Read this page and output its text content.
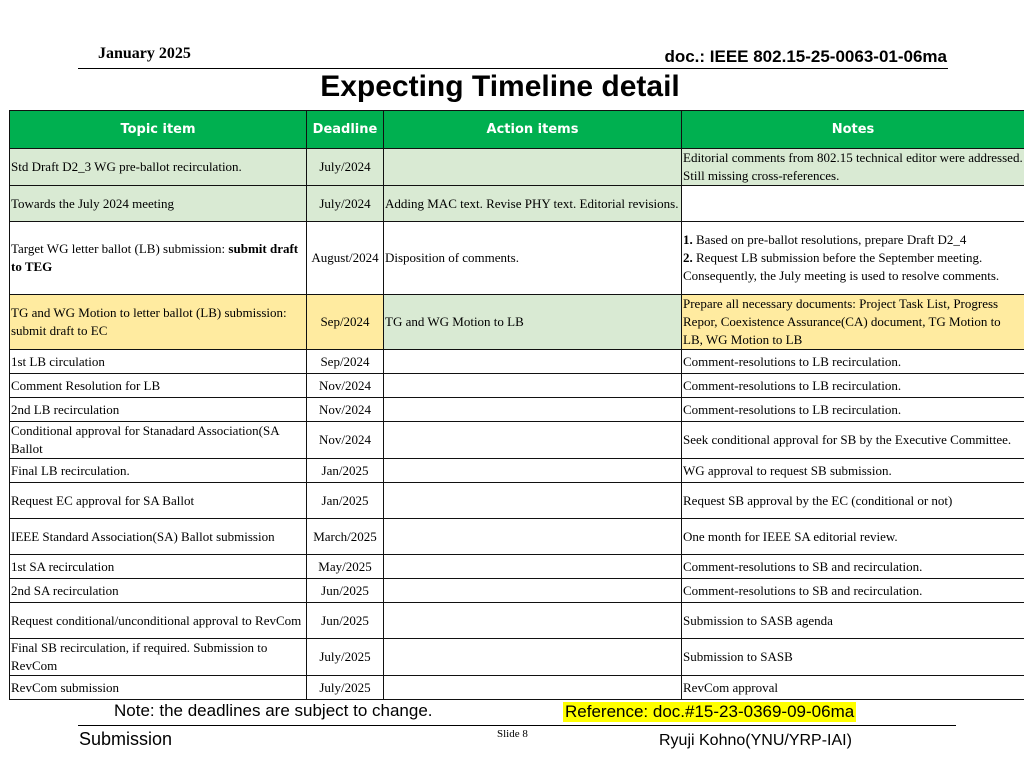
January 2025	doc.: IEEE 802.15-25-0063-01-06ma
Expecting Timeline detail
Topic item	Deadline	Action items	Notes
Std Draft D2_3 WG pre-ballot recirculation.	July/2024		Editorial comments from 802.15 technical editor were addressed. Still missing cross-references.
Towards the July 2024 meeting	July/2024	Adding MAC text. Revise PHY text. Editorial revisions.	
Target WG letter ballot (LB) submission: submit draft to TEG	August/2024	Disposition of comments.	1. Based on pre-ballot resolutions, prepare Draft D2_4
2. Request LB submission before the September meeting. Consequently, the July meeting is used to resolve comments.
TG and WG Motion to letter ballot (LB) submission: submit draft to EC	Sep/2024	TG and WG Motion to LB	Prepare all necessary documents: Project Task List, Progress Repor, Coexistence Assurance(CA) document, TG Motion to LB, WG Motion to LB
1st LB circulation	Sep/2024		Comment-resolutions to LB recirculation.
Comment Resolution for LB	Nov/2024		Comment-resolutions to LB recirculation.
2nd LB recirculation	Nov/2024		Comment-resolutions to LB recirculation.
Conditional approval for Stanadard Association(SA Ballot	Nov/2024		Seek conditional approval for SB by the Executive Committee.
Final LB recirculation.	Jan/2025		WG approval to request SB submission.
Request EC approval for SA Ballot	Jan/2025		Request SB approval by the EC (conditional or not)
IEEE Standard Association(SA) Ballot submission	March/2025		One month for IEEE SA editorial review.
1st SA recirculation	May/2025		Comment-resolutions to SB and recirculation.
2nd SA recirculation	Jun/2025		Comment-resolutions to SB and recirculation.
Request conditional/unconditional approval to RevCom	Jun/2025		Submission to SASB agenda
Final SB recirculation, if required. Submission to RevCom	July/2025		Submission to SASB
RevCom submission	July/2025		RevCom approval
Note: the deadlines are subject to change.	Reference: doc.#15-23-0369-09-06ma
Submission	Slide 8	Ryuji Kohno(YNU/YRP-IAI)
